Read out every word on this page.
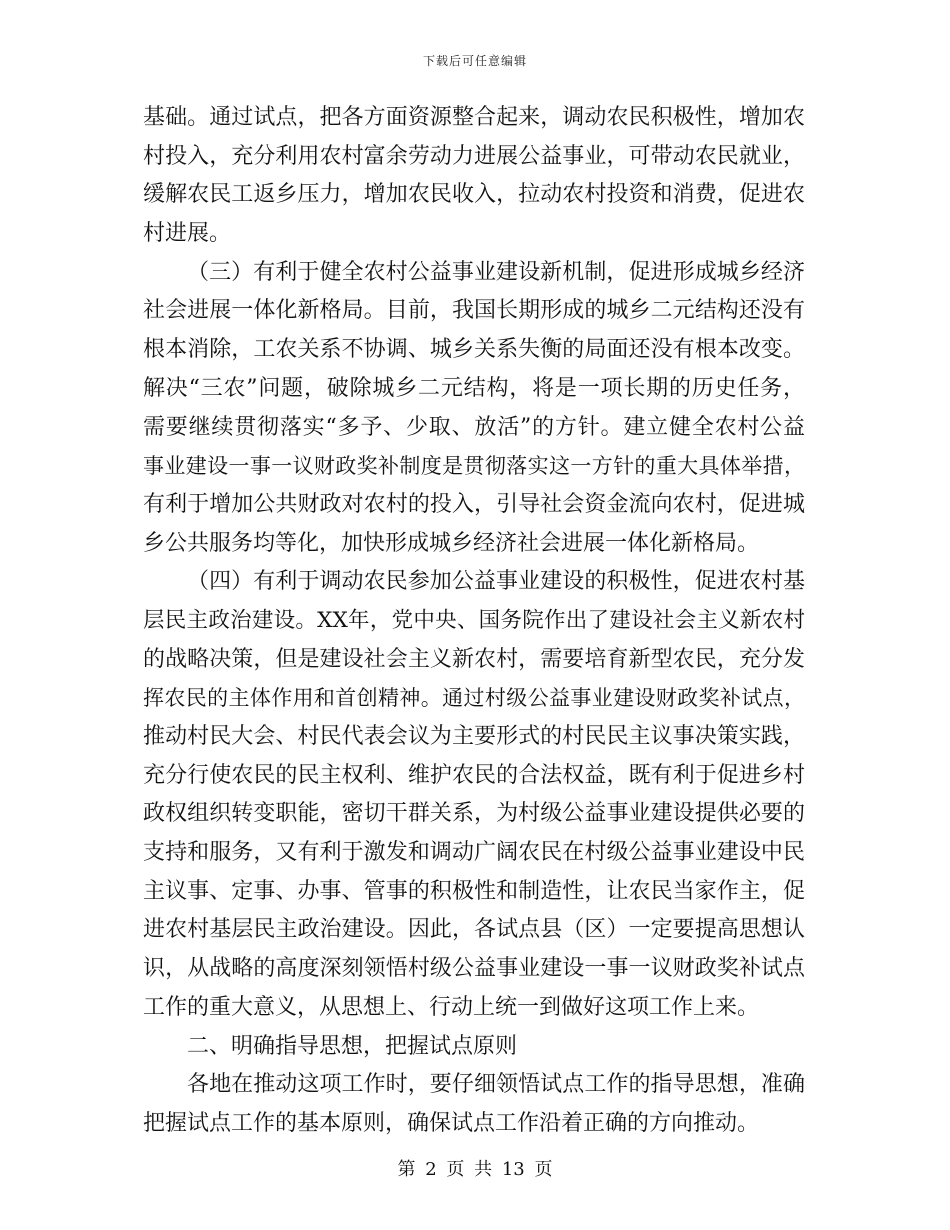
下载后可任意编辑
基础。通过试点，把各方面资源整合起来，调动农民积极性，增加农
村投入，充分利用农村富余劳动力进展公益事业，可带动农民就业，
缓解农民工返乡压力，增加农民收入，拉动农村投资和消费，促进农
村进展。
（三）有利于健全农村公益事业建设新机制，促进形成城乡经济
社会进展一体化新格局。目前，我国长期形成的城乡二元结构还没有
根本消除，工农关系不协调、城乡关系失衡的局面还没有根本改变。
解决“三农”问题，破除城乡二元结构，将是一项长期的历史任务，
需要继续贯彻落实“多予、少取、放活”的方针。建立健全农村公益
事业建设一事一议财政奖补制度是贯彻落实这一方针的重大具体举措，
有利于增加公共财政对农村的投入，引导社会资金流向农村，促进城
乡公共服务均等化，加快形成城乡经济社会进展一体化新格局。
（四）有利于调动农民参加公益事业建设的积极性，促进农村基
层民主政治建设。XX年，党中央、国务院作出了建设社会主义新农村
的战略决策，但是建设社会主义新农村，需要培育新型农民，充分发
挥农民的主体作用和首创精神。通过村级公益事业建设财政奖补试点，
推动村民大会、村民代表会议为主要形式的村民民主议事决策实践，
充分行使农民的民主权利、维护农民的合法权益，既有利于促进乡村
政权组织转变职能，密切干群关系，为村级公益事业建设提供必要的
支持和服务，又有利于激发和调动广阔农民在村级公益事业建设中民
主议事、定事、办事、管事的积极性和制造性，让农民当家作主，促
进农村基层民主政治建设。因此，各试点县（区）一定要提高思想认
识，从战略的高度深刻领悟村级公益事业建设一事一议财政奖补试点
工作的重大意义，从思想上、行动上统一到做好这项工作上来。
二、明确指导思想，把握试点原则
各地在推动这项工作时，要仔细领悟试点工作的指导思想，准确
把握试点工作的基本原则，确保试点工作沿着正确的方向推动。
第 2 页 共 13 页
